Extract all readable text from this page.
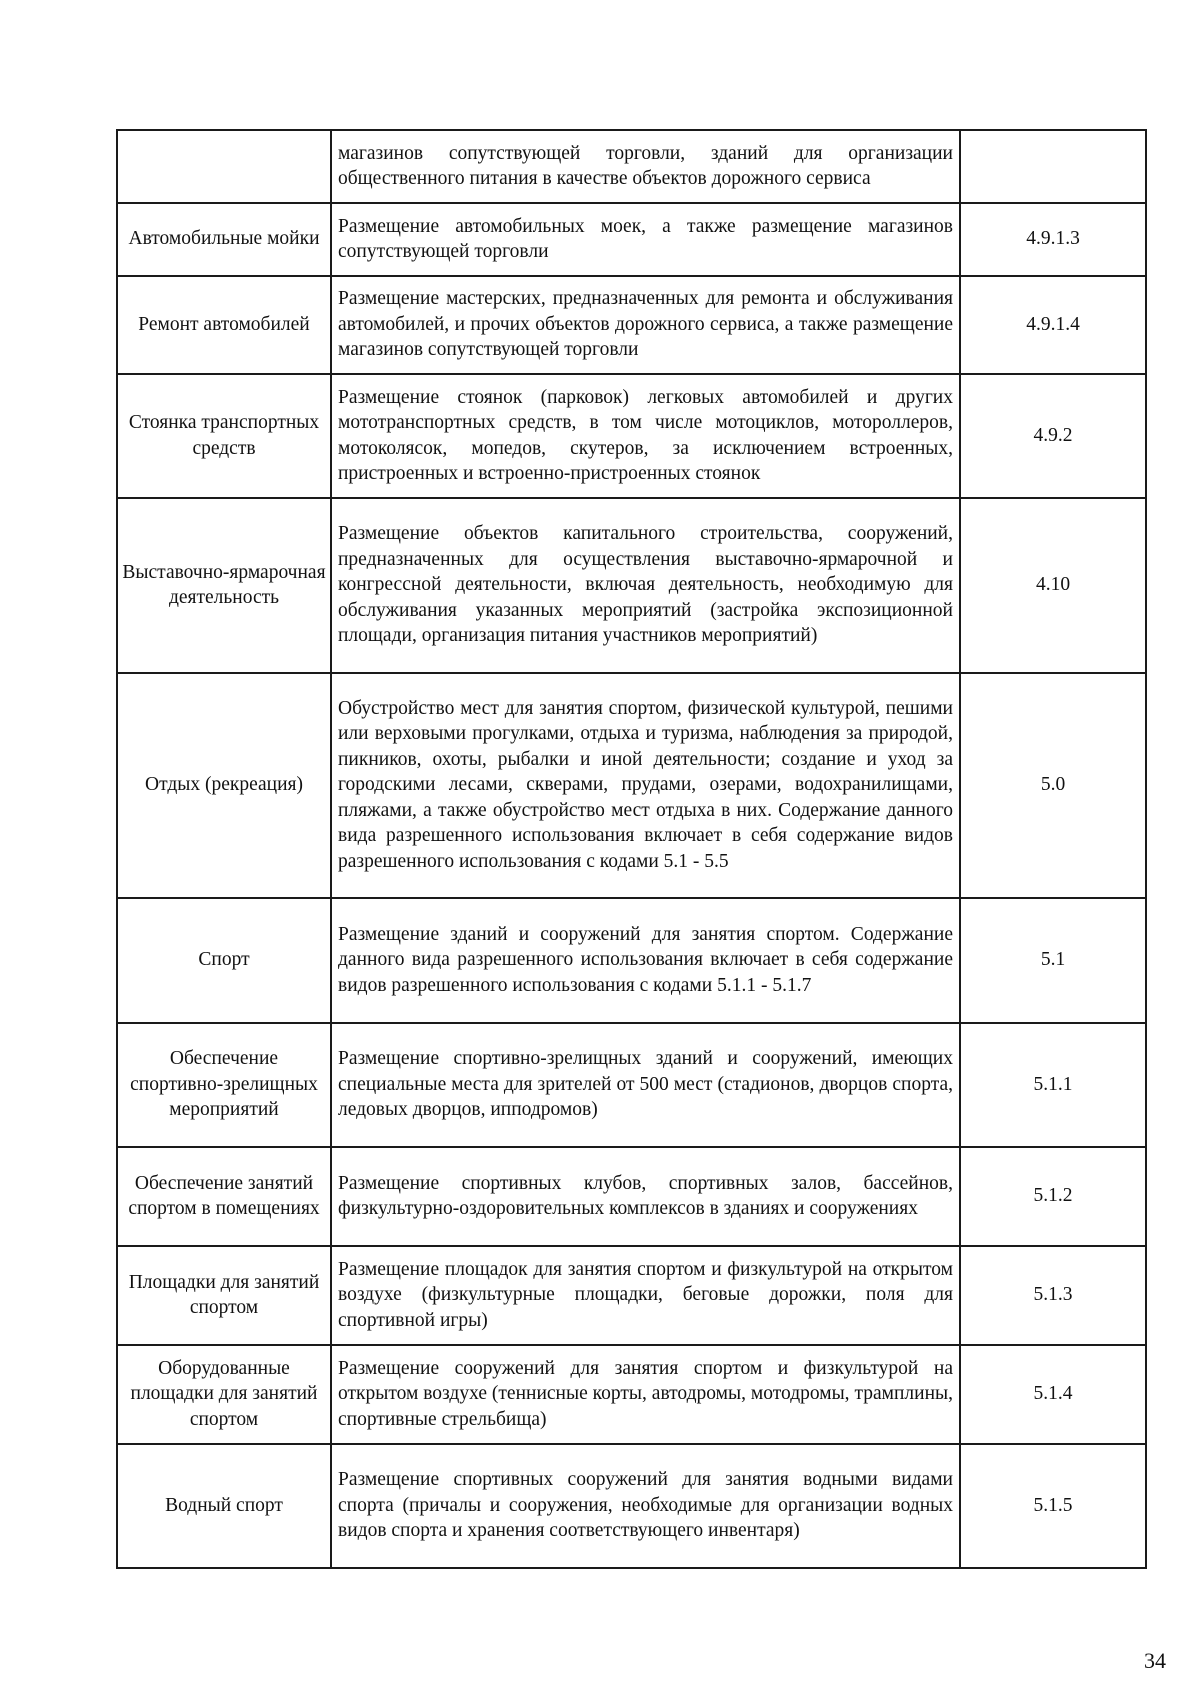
	магазинов сопутствующей торговли, зданий для организации общественного питания в качестве объектов дорожного сервиса	
Автомобильные мойки	Размещение автомобильных моек, а также размещение магазинов сопутствующей торговли	4.9.1.3
Ремонт автомобилей	Размещение мастерских, предназначенных для ремонта и обслуживания автомобилей, и прочих объектов дорожного сервиса, а также размещение магазинов сопутствующей торговли	4.9.1.4
Стоянка транспортных средств	Размещение стоянок (парковок) легковых автомобилей и других мототранспортных средств, в том числе мотоциклов, мотороллеров, мотоколясок, мопедов, скутеров, за исключением встроенных, пристроенных и встроенно-пристроенных стоянок	4.9.2
Выставочно-ярмарочная деятельность	Размещение объектов капитального строительства, сооружений, предназначенных для осуществления выставочно-ярмарочной и конгрессной деятельности, включая деятельность, необходимую для обслуживания указанных мероприятий (застройка экспозиционной площади, организация питания участников мероприятий)	4.10
Отдых (рекреация)	Обустройство мест для занятия спортом, физической культурой, пешими или верховыми прогулками, отдыха и туризма, наблюдения за природой, пикников, охоты, рыбалки и иной деятельности; создание и уход за городскими лесами, скверами, прудами, озерами, водохранилищами, пляжами, а также обустройство мест отдыха в них. Содержание данного вида разрешенного использования включает в себя содержание видов разрешенного использования с кодами 5.1 - 5.5	5.0
Спорт	Размещение зданий и сооружений для занятия спортом. Содержание данного вида разрешенного использования включает в себя содержание видов разрешенного использования с кодами 5.1.1 - 5.1.7	5.1
Обеспечение спортивно-зрелищных мероприятий	Размещение спортивно-зрелищных зданий и сооружений, имеющих специальные места для зрителей от 500 мест (стадионов, дворцов спорта, ледовых дворцов, ипподромов)	5.1.1
Обеспечение занятий спортом в помещениях	Размещение спортивных клубов, спортивных залов, бассейнов, физкультурно-оздоровительных комплексов в зданиях и сооружениях	5.1.2
Площадки для занятий спортом	Размещение площадок для занятия спортом и физкультурой на открытом воздухе (физкультурные площадки, беговые дорожки, поля для спортивной игры)	5.1.3
Оборудованные площадки для занятий спортом	Размещение сооружений для занятия спортом и физкультурой на открытом воздухе (теннисные корты, автодромы, мотодромы, трамплины, спортивные стрельбища)	5.1.4
Водный спорт	Размещение спортивных сооружений для занятия водными видами спорта (причалы и сооружения, необходимые для организации водных видов спорта и хранения соответствующего инвентаря)	5.1.5
34
